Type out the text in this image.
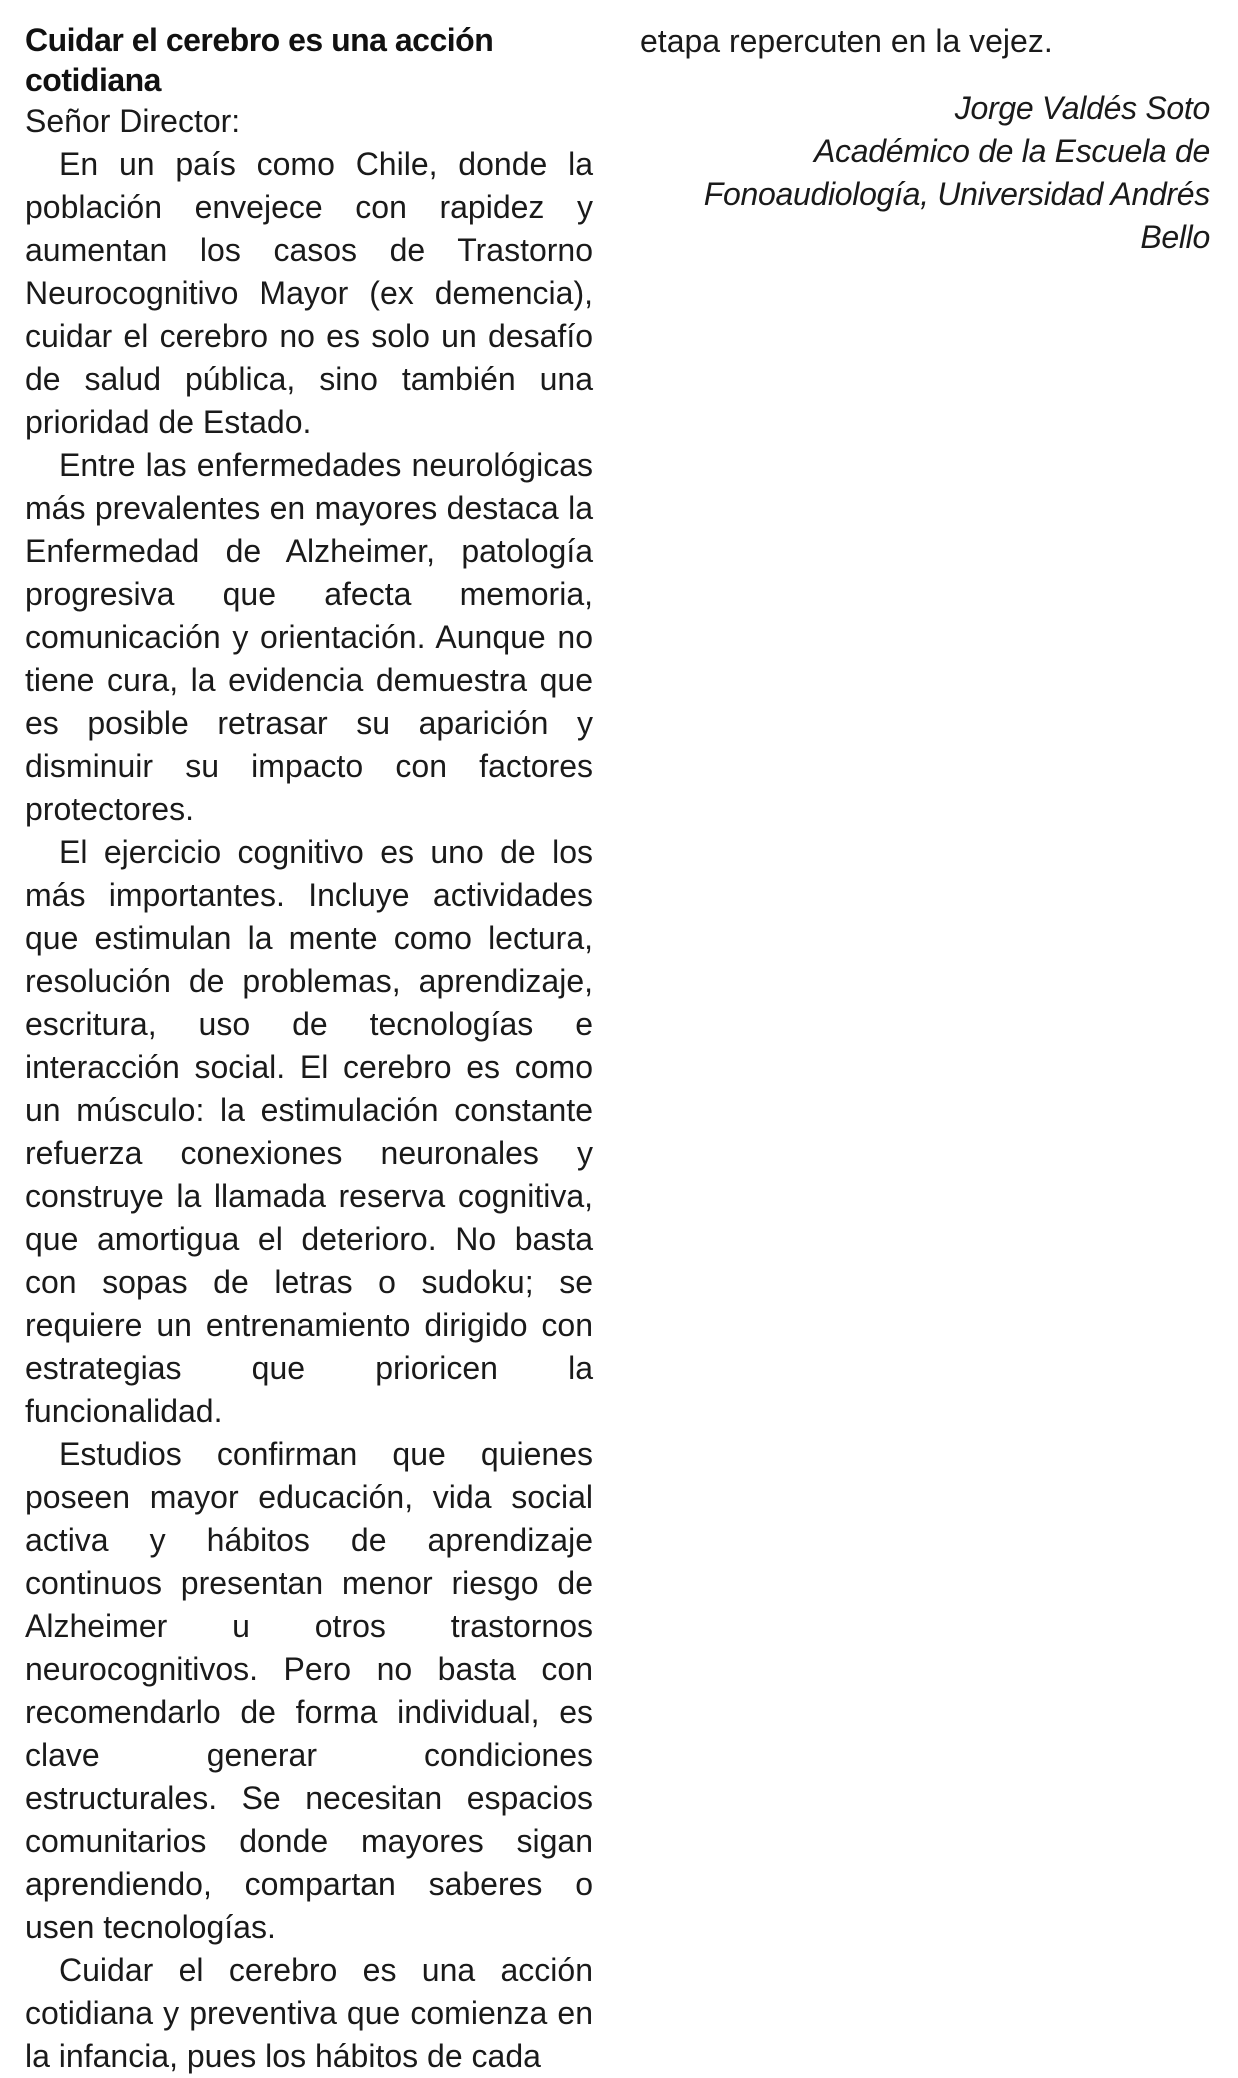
Cuidar el cerebro es una acción cotidiana

Señor Director:

En un país como Chile, donde la población envejece con rapidez y aumentan los casos de Trastorno Neurocognitivo Mayor (ex demencia), cuidar el cerebro no es solo un desafío de salud pública, sino también una prioridad de Estado.

Entre las enfermedades neurológicas más prevalentes en mayores destaca la Enfermedad de Alzheimer, patología progresiva que afecta memoria, comunicación y orientación. Aunque no tiene cura, la evidencia demuestra que es posible retrasar su aparición y disminuir su impacto con factores protectores.

El ejercicio cognitivo es uno de los más importantes. Incluye actividades que estimulan la mente como lectura, resolución de problemas, aprendizaje, escritura, uso de tecnologías e interacción social. El cerebro es como un músculo: la estimulación constante refuerza conexiones neuronales y construye la llamada reserva cognitiva, que amortigua el deterioro. No basta con sopas de letras o sudoku; se requiere un entrenamiento dirigido con estrategias que prioricen la funcionalidad.

Estudios confirman que quienes poseen mayor educación, vida social activa y hábitos de aprendizaje continuos presentan menor riesgo de Alzheimer u otros trastornos neurocognitivos. Pero no basta con recomendarlo de forma individual, es clave generar condiciones estructurales. Se necesitan espacios comunitarios donde mayores sigan aprendiendo, compartan saberes o usen tecnologías.

Cuidar el cerebro es una acción cotidiana y preventiva que comienza en la infancia, pues los hábitos de cada

etapa repercuten en la vejez.

Jorge Valdés Soto
Académico de la Escuela de
Fonoaudiología, Universidad Andrés
Bello
